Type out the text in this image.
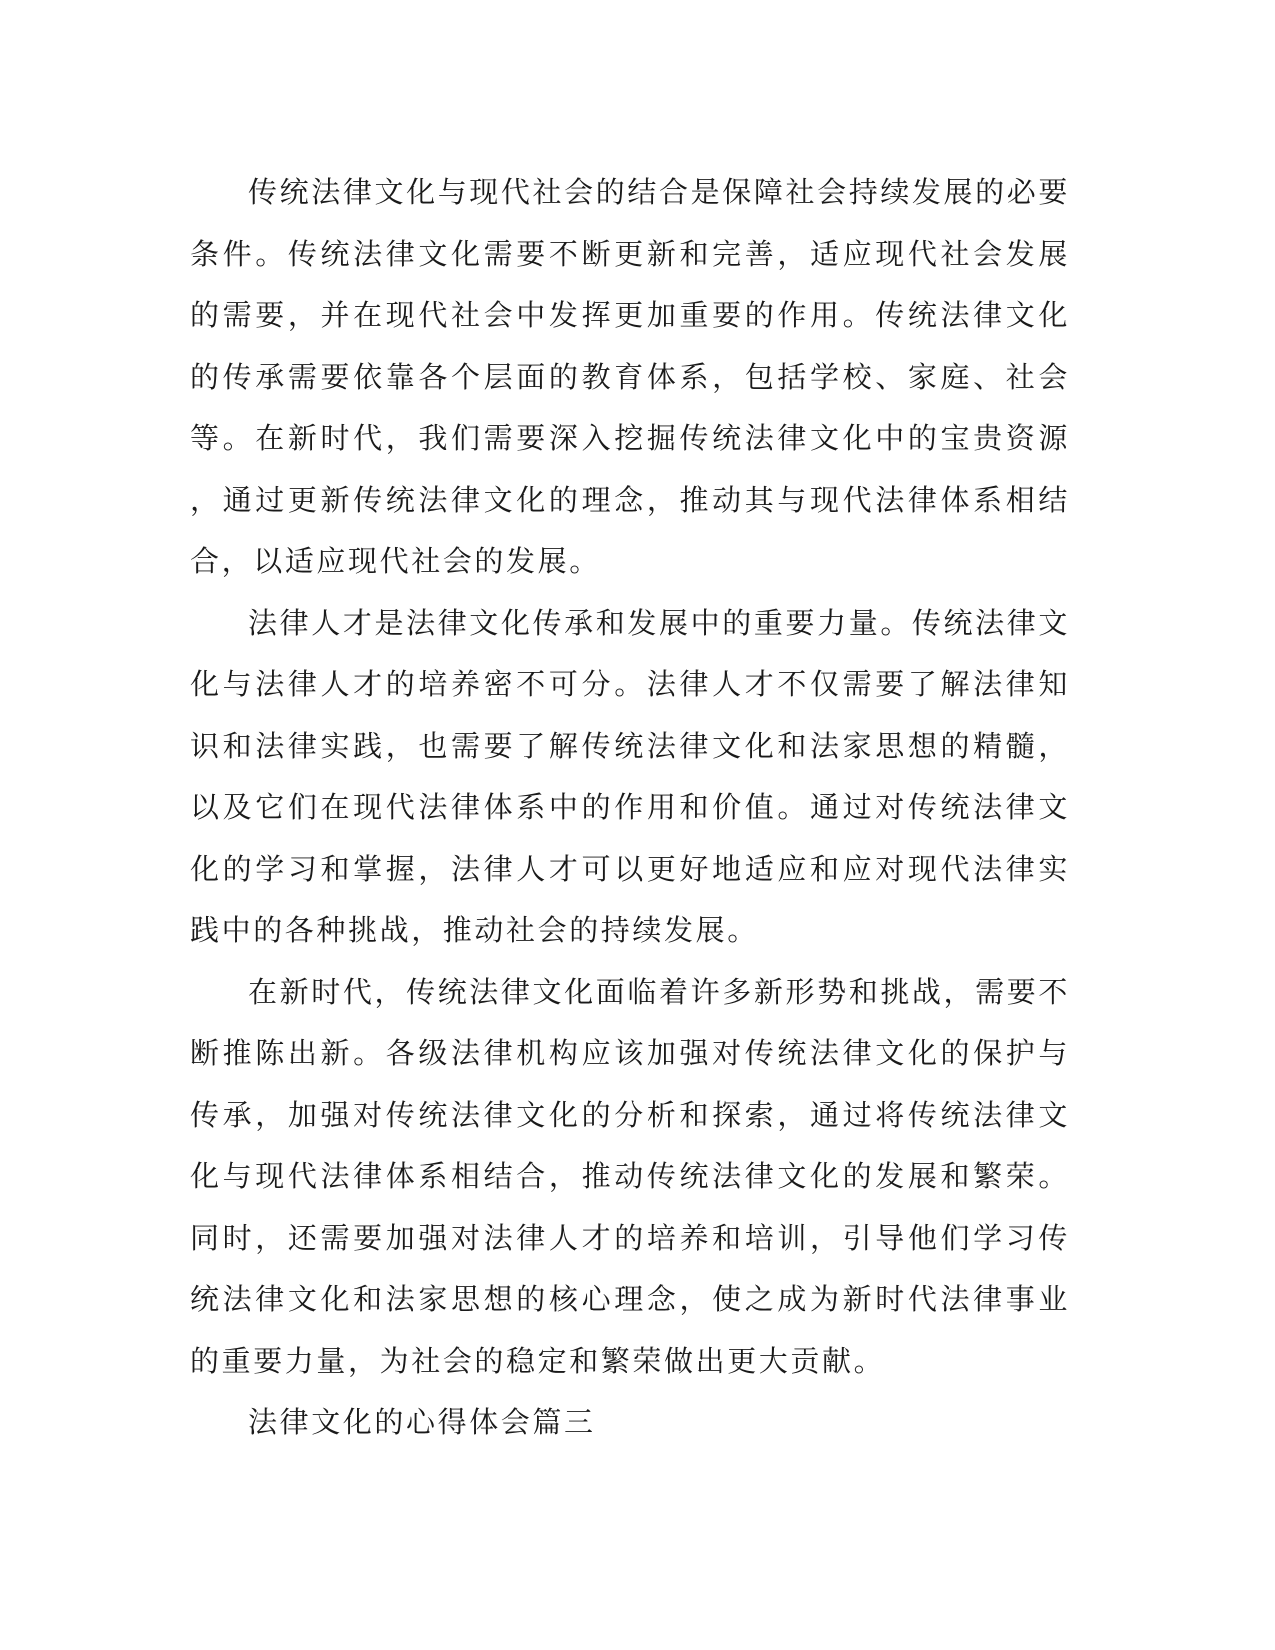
传统法律文化与现代社会的结合是保障社会持续发展的必要条件。传统法律文化需要不断更新和完善，适应现代社会发展的需要，并在现代社会中发挥更加重要的作用。传统法律文化的传承需要依靠各个层面的教育体系，包括学校、家庭、社会等。在新时代，我们需要深入挖掘传统法律文化中的宝贵资源，通过更新传统法律文化的理念，推动其与现代法律体系相结合，以适应现代社会的发展。

法律人才是法律文化传承和发展中的重要力量。传统法律文化与法律人才的培养密不可分。法律人才不仅需要了解法律知识和法律实践，也需要了解传统法律文化和法家思想的精髓，以及它们在现代法律体系中的作用和价值。通过对传统法律文化的学习和掌握，法律人才可以更好地适应和应对现代法律实践中的各种挑战，推动社会的持续发展。

在新时代，传统法律文化面临着许多新形势和挑战，需要不断推陈出新。各级法律机构应该加强对传统法律文化的保护与传承，加强对传统法律文化的分析和探索，通过将传统法律文化与现代法律体系相结合，推动传统法律文化的发展和繁荣。同时，还需要加强对法律人才的培养和培训，引导他们学习传统法律文化和法家思想的核心理念，使之成为新时代法律事业的重要力量，为社会的稳定和繁荣做出更大贡献。

法律文化的心得体会篇三
